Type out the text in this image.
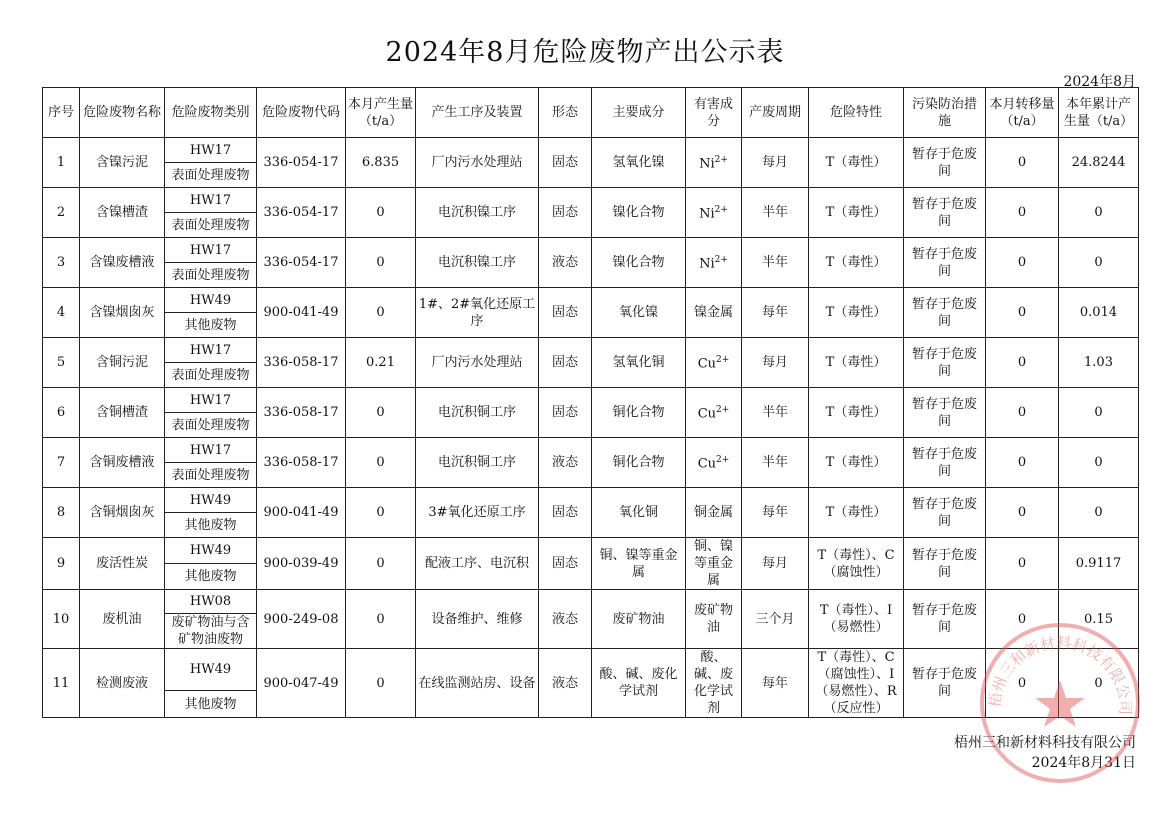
2024年8月危险废物产出公示表
2024年8月
序号	危险废物名称	危险废物类别	危险废物代码	本月产生量（t/a）	产生工序及装置	形态	主要成分	有害成分	产废周期	危险特性	污染防治措施	本月转移量（t/a）	本年累计产生量（t/a）
1	含镍污泥	HW17	336-054-17	6.835	厂内污水处理站	固态	氢氧化镍	$Ni^{2+}$	每月	T（毒性）	暂存于危废间	0	24.8244
		表面处理废物											
2	含镍槽渣	HW17	336-054-17	0	电沉积镍工序	固态	镍化合物	$Ni^{2+}$	半年	T（毒性）	暂存于危废间	0	0
		表面处理废物											
3	含镍废槽液	HW17	336-054-17	0	电沉积镍工序	液态	镍化合物	$Ni^{2+}$	半年	T（毒性）	暂存于危废间	0	0
		表面处理废物											
4	含镍烟囱灰	HW49	900-041-49	0	1#、2#氧化还原工序	固态	氧化镍	镍金属	每年	T（毒性）	暂存于危废间	0	0.014
		其他废物											
5	含铜污泥	HW17	336-058-17	0.21	厂内污水处理站	固态	氢氧化铜	$Cu^{2+}$	每月	T（毒性）	暂存于危废间	0	1.03
		表面处理废物											
6	含铜槽渣	HW17	336-058-17	0	电沉积铜工序	固态	铜化合物	$Cu^{2+}$	半年	T（毒性）	暂存于危废间	0	0
		表面处理废物											
7	含铜废槽液	HW17	336-058-17	0	电沉积铜工序	液态	铜化合物	$Cu^{2+}$	半年	T（毒性）	暂存于危废间	0	0
		表面处理废物											
8	含铜烟囱灰	HW49	900-041-49	0	3#氧化还原工序	固态	氧化铜	铜金属	每年	T（毒性）	暂存于危废间	0	0
		其他废物											
9	废活性炭	HW49	900-039-49	0	配液工序、电沉积	固态	铜、镍等重金属	铜、镍等重金属	每月	T（毒性）、C（腐蚀性）	暂存于危废间	0	0.9117
		其他废物											
10	废机油	HW08	900-249-08	0	设备维护、维修	液态	废矿物油	废矿物油	三个月	T（毒性）、I（易燃性）	暂存于危废间	0	0.15
		废矿物油与含矿物油废物											
11	检测废液	HW49	900-047-49	0	在线监测站房、设备	液态	酸、碱、废化学试剂	酸、碱、废化学试剂	每年	T（毒性）、C（腐蚀性）、I（易燃性）、R（反应性）	暂存于危废间	0	0
		其他废物											
梧州三和新材料科技有限公司
2024年8月31日
梧州三和新材料科技有限公司
